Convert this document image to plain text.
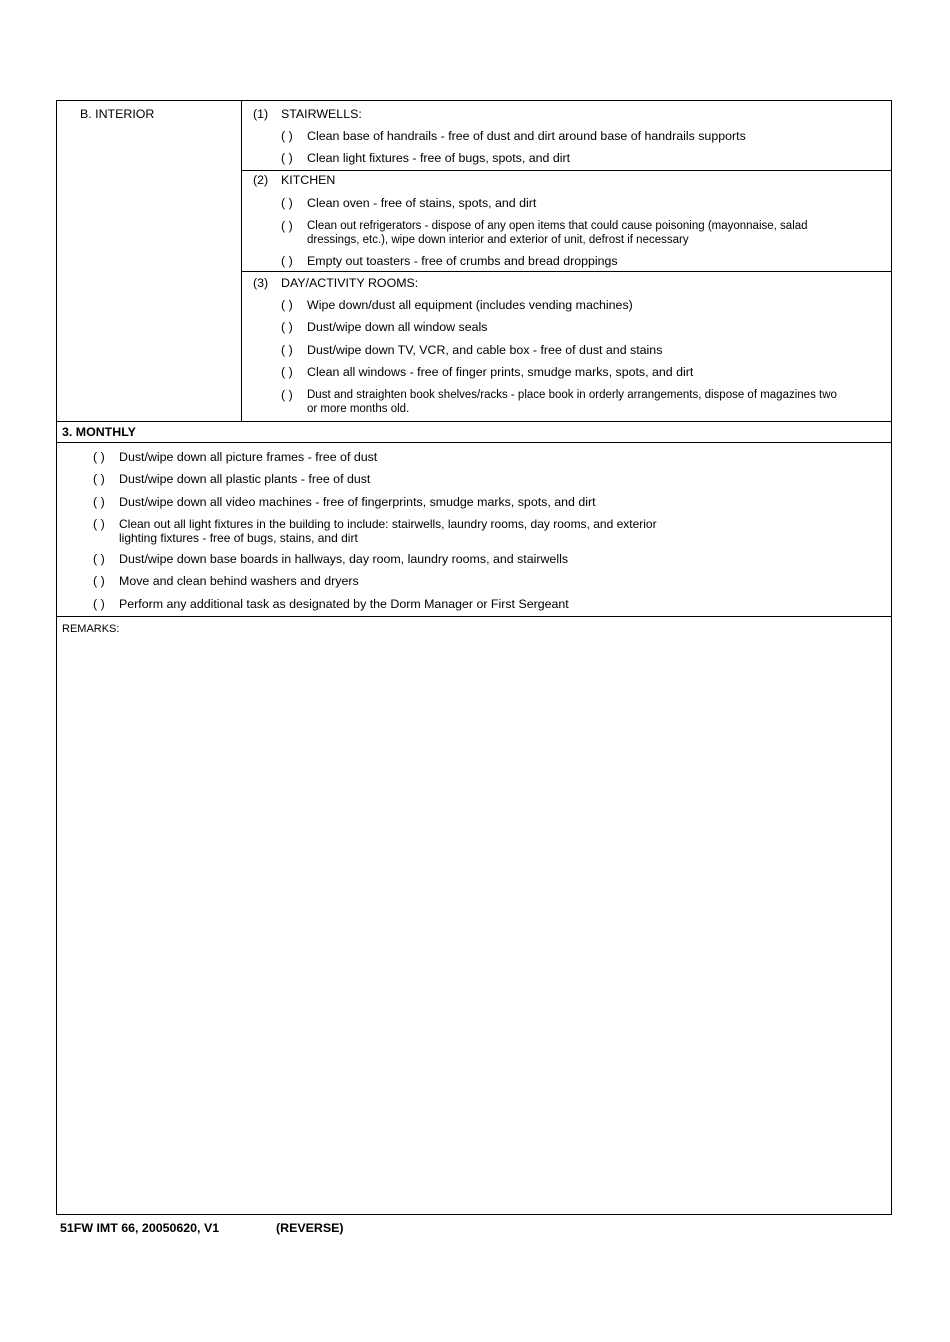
B. INTERIOR	(1) STAIRWELLS:
( ) Clean base of handrails - free of dust and dirt around base of handrails supports
( ) Clean light fixtures - free of bugs, spots, and dirt
(2) KITCHEN
( ) Clean oven - free of stains, spots, and dirt
( ) Clean out refrigerators - dispose of any open items that could cause poisoning (mayonnaise, salad dressings, etc.), wipe down interior and exterior of unit, defrost if necessary
( ) Empty out toasters - free of crumbs and bread droppings
(3) DAY/ACTIVITY ROOMS:
( ) Wipe down/dust all equipment (includes vending machines)
( ) Dust/wipe down all window seals
( ) Dust/wipe down TV, VCR, and cable box - free of dust and stains
( ) Clean all windows - free of finger prints, smudge marks, spots, and dirt
( ) Dust and straighten book shelves/racks - place book in orderly arrangements, dispose of magazines two or more months old.
3. MONTHLY
( ) Dust/wipe down all picture frames - free of dust
( ) Dust/wipe down all plastic plants - free of dust
( ) Dust/wipe down all video machines - free of fingerprints, smudge marks, spots, and dirt
( ) Clean out all light fixtures in the building to include: stairwells, laundry rooms, day rooms, and exterior lighting fixtures - free of bugs, stains, and dirt
( ) Dust/wipe down base boards in hallways, day room, laundry rooms, and stairwells
( ) Move and clean behind washers and dryers
( ) Perform any additional task as designated by the Dorm Manager or First Sergeant
REMARKS:
51FW IMT 66, 20050620, V1	(REVERSE)
